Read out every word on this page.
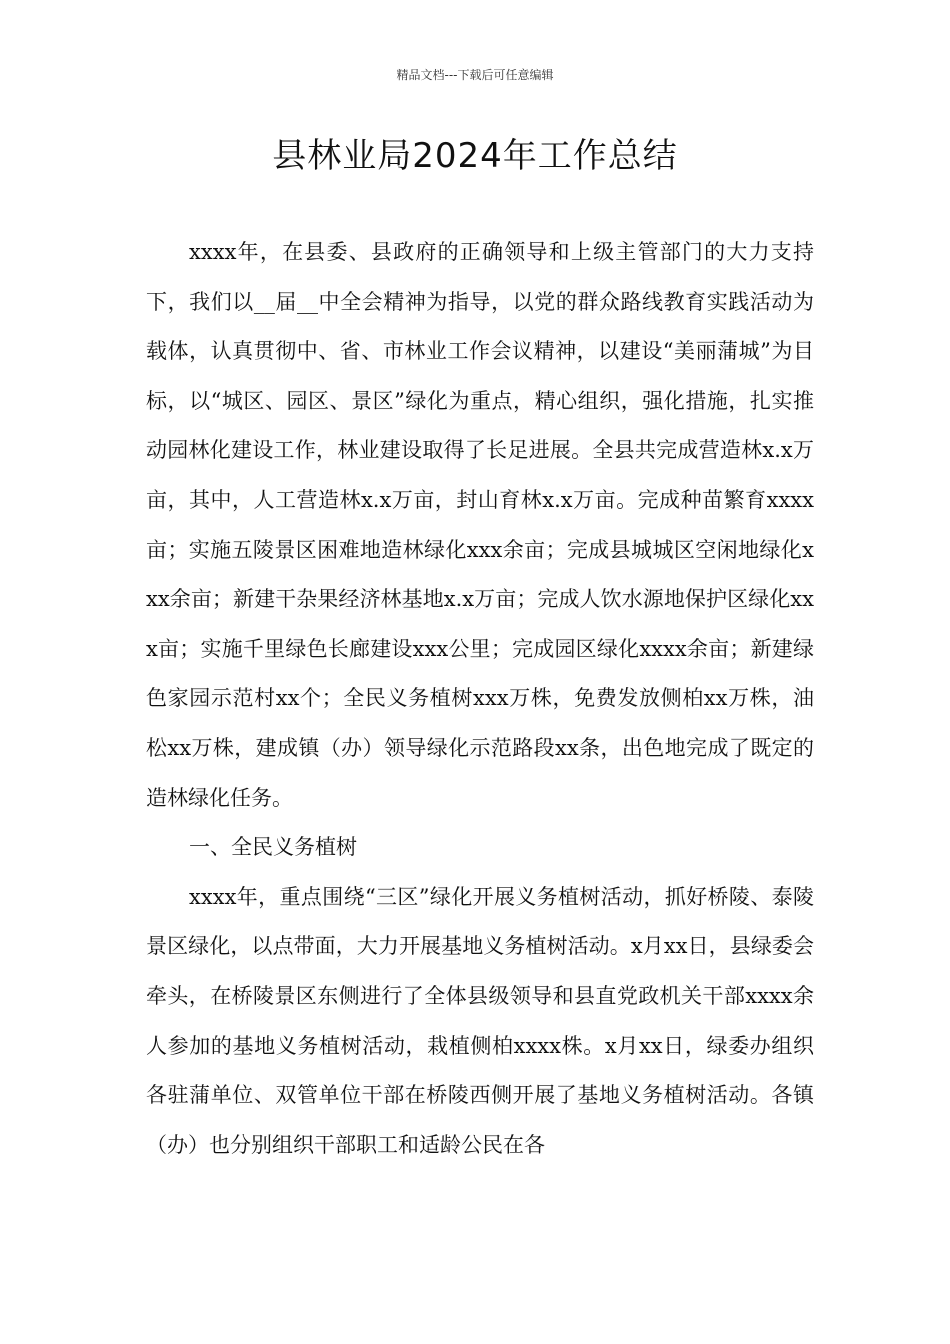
精品文档---下载后可任意编辑
县林业局2024年工作总结

xxxx年，在县委、县政府的正确领导和上级主管部门的大力支持下，我们以__届__中全会精神为指导，以党的群众路线教育实践活动为载体，认真贯彻中、省、市林业工作会议精神，以建设“美丽蒲城”为目标，以“城区、园区、景区”绿化为重点，精心组织，强化措施，扎实推动园林化建设工作，林业建设取得了长足进展。全县共完成营造林x.x万亩，其中，人工营造林x.x万亩，封山育林x.x万亩。完成种苗繁育xxxx亩；实施五陵景区困难地造林绿化xxx余亩；完成县城城区空闲地绿化xxx余亩；新建干杂果经济林基地x.x万亩；完成人饮水源地保护区绿化xxx亩；实施千里绿色长廊建设xxx公里；完成园区绿化xxxx余亩；新建绿色家园示范村xx个；全民义务植树xxx万株，免费发放侧柏xx万株，油松xx万株，建成镇（办）领导绿化示范路段xx条，出色地完成了既定的造林绿化任务。

一、全民义务植树

xxxx年，重点围绕“三区”绿化开展义务植树活动，抓好桥陵、泰陵景区绿化，以点带面，大力开展基地义务植树活动。x月xx日，县绿委会牵头，在桥陵景区东侧进行了全体县级领导和县直党政机关干部xxxx余人参加的基地义务植树活动，栽植侧柏xxxx株。x月xx日，绿委办组织各驻蒲单位、双管单位干部在桥陵西侧开展了基地义务植树活动。各镇（办）也分别组织干部职工和适龄公民在各
